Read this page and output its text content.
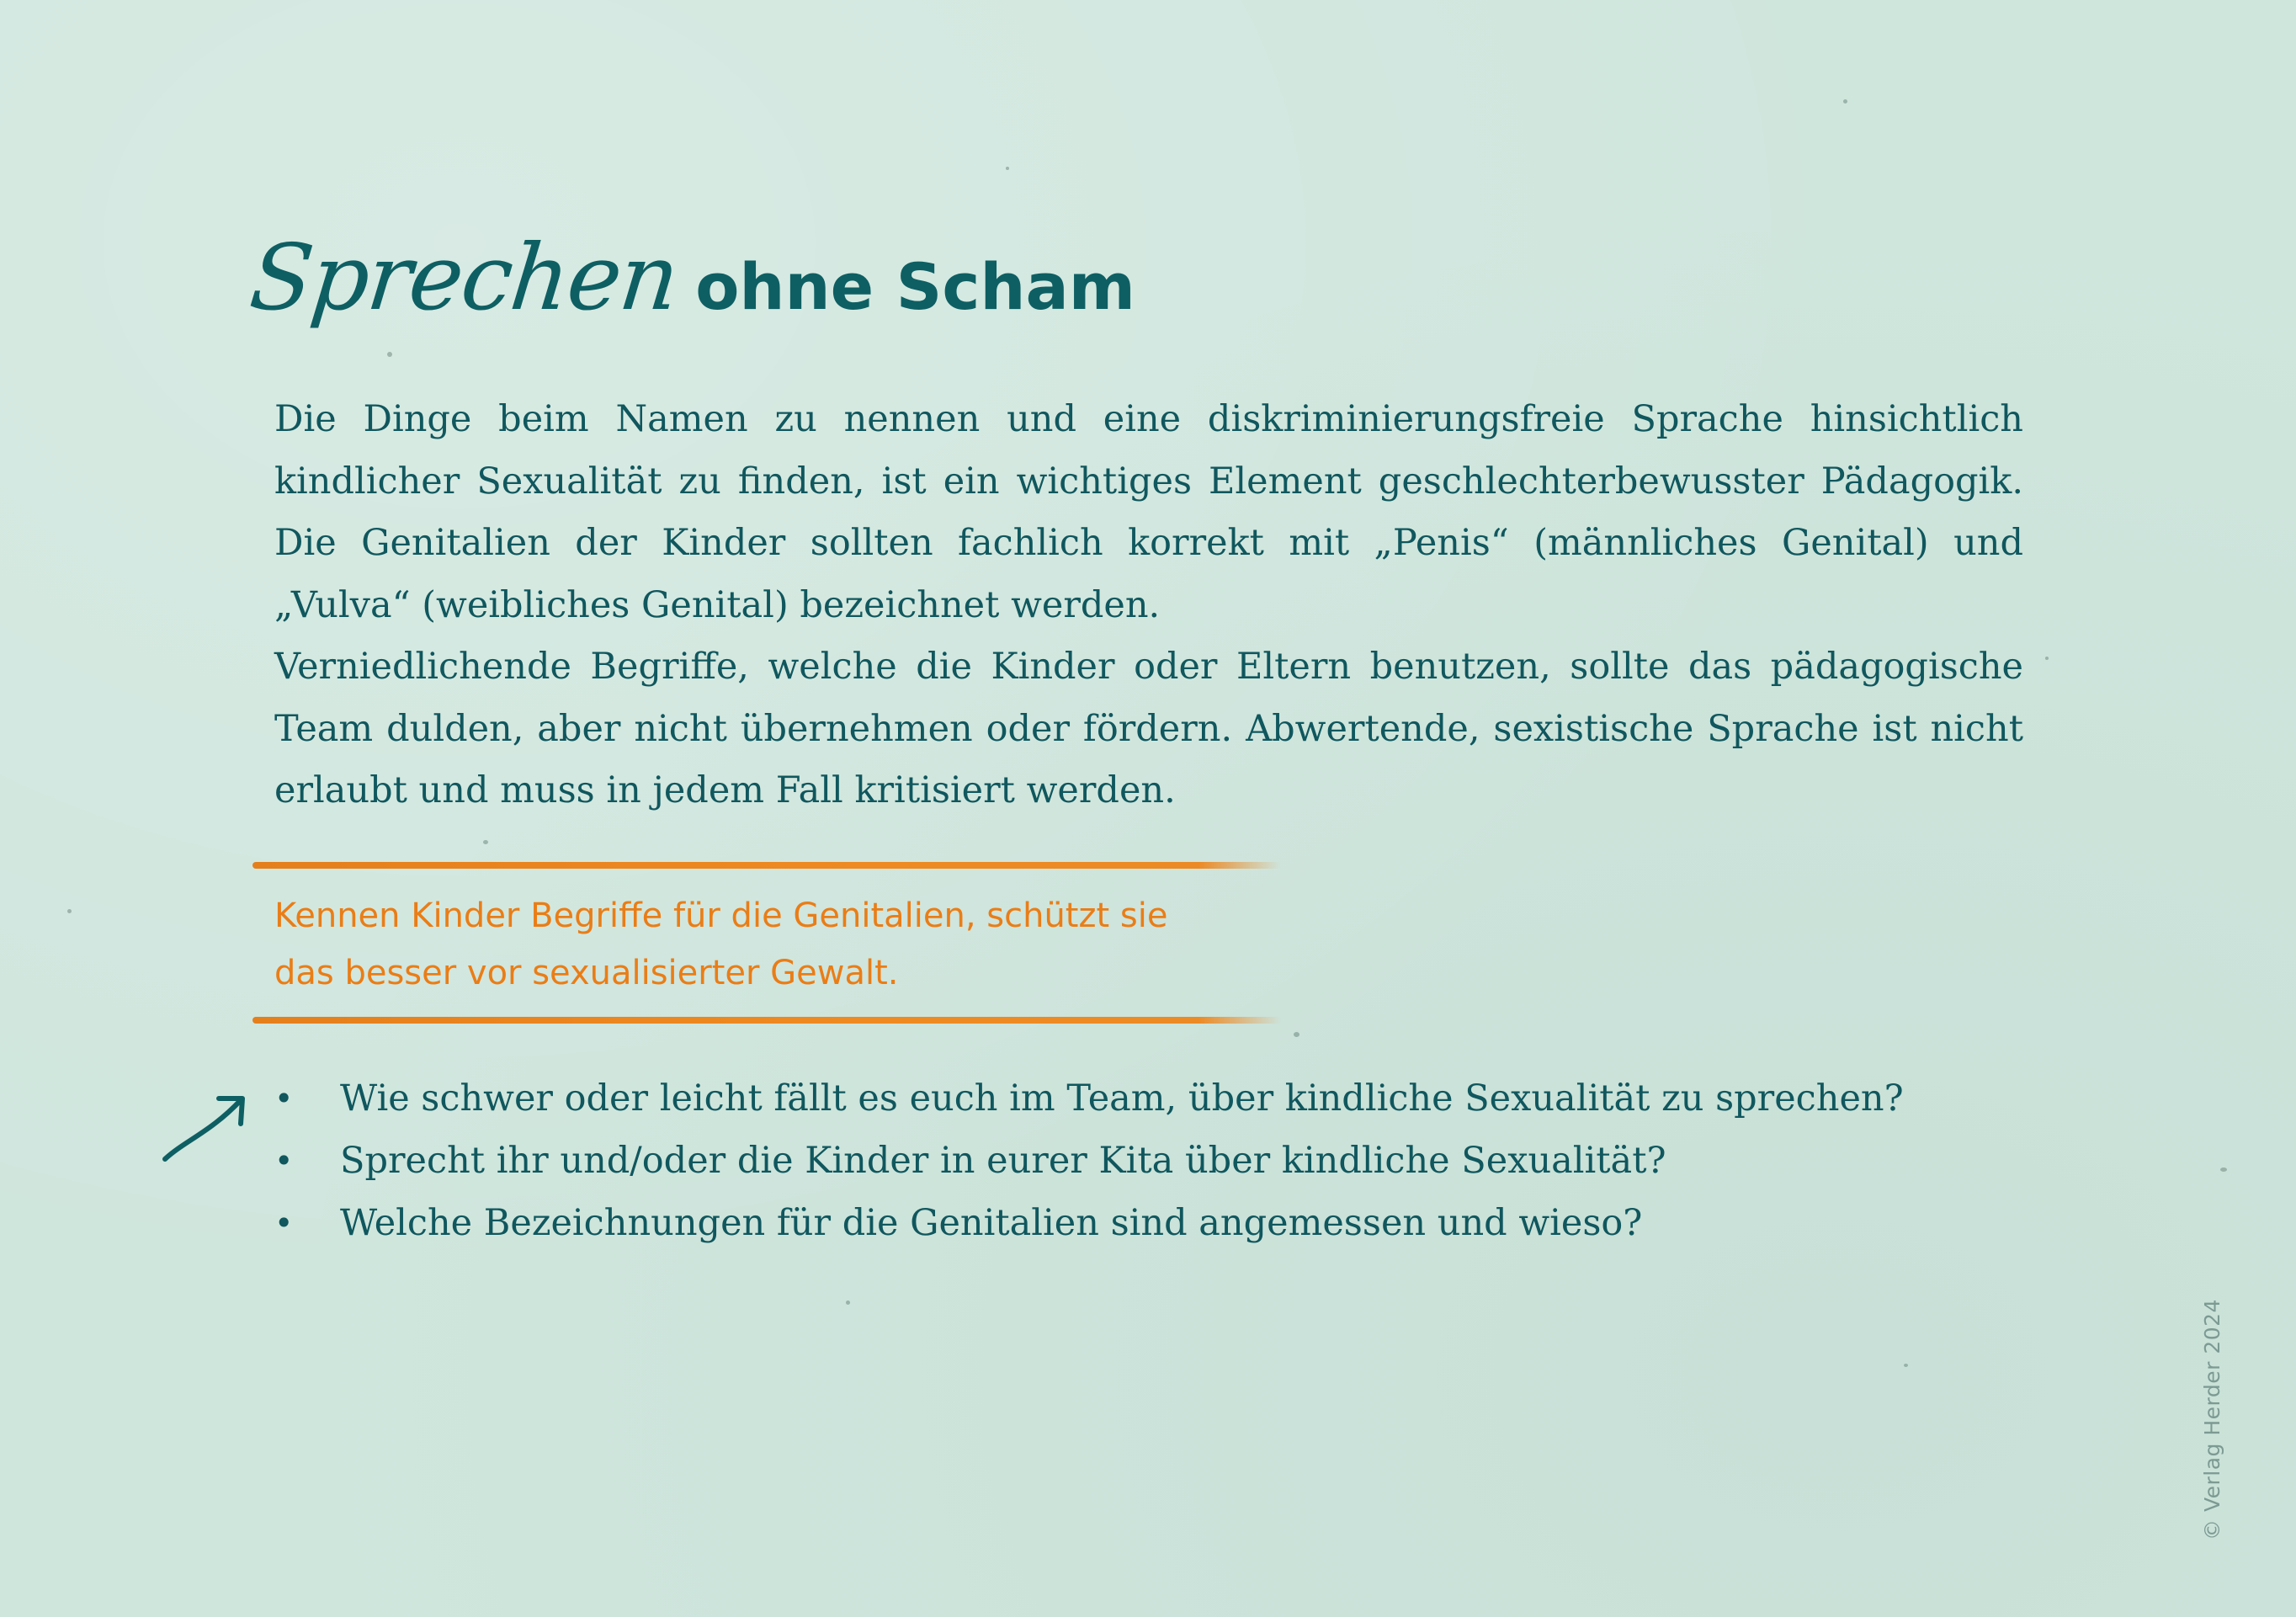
Sprechen ohne Scham

Die Dinge beim Namen zu nennen und eine diskriminierungsfreie Sprache hinsichtlich kindlicher Sexualität zu finden, ist ein wichtiges Element geschlechterbewusster Pädagogik. Die Genitalien der Kinder sollten fachlich korrekt mit „Penis“ (männliches Genital) und „Vulva“ (weibliches Genital) bezeichnet werden.

Verniedlichende Begriffe, welche die Kinder oder Eltern benutzen, sollte das pädagogische Team dulden, aber nicht übernehmen oder fördern. Abwertende, sexistische Sprache ist nicht erlaubt und muss in jedem Fall kritisiert werden.

Kennen Kinder Begriffe für die Genitalien, schützt sie

das besser vor sexualisierter Gewalt.

• Wie schwer oder leicht fällt es euch im Team, über kindliche Sexualität zu sprechen?
• Sprecht ihr und/oder die Kinder in eurer Kita über kindliche Sexualität?
• Welche Bezeichnungen für die Genitalien sind angemessen und wieso?
© Verlag Herder 2024
